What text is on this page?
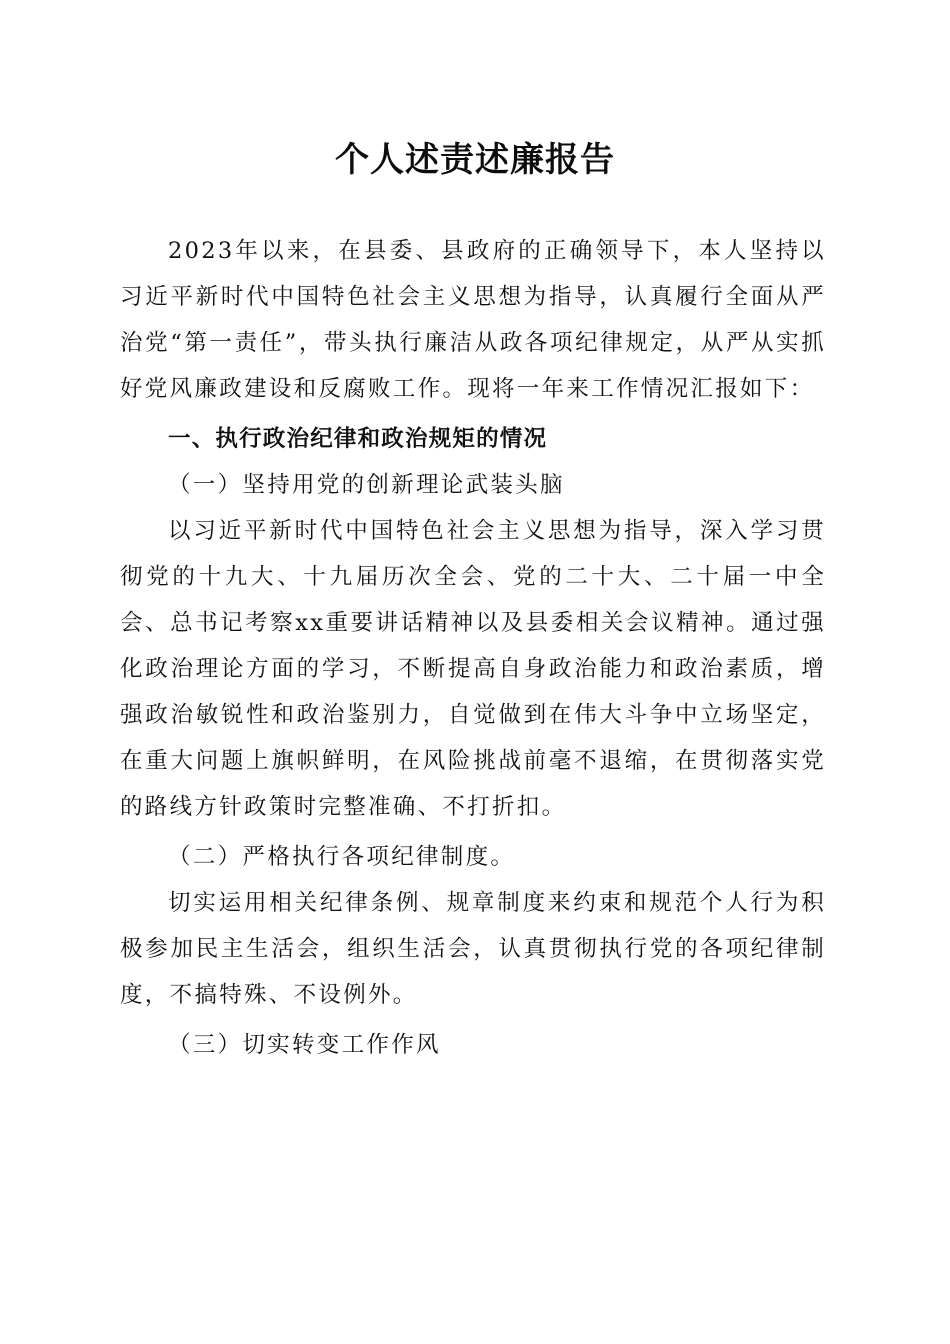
个人述责述廉报告

2023年以来，在县委、县政府的正确领导下，本人坚持以习近平新时代中国特色社会主义思想为指导，认真履行全面从严治党“第一责任”，带头执行廉洁从政各项纪律规定，从严从实抓好党风廉政建设和反腐败工作。现将一年来工作情况汇报如下：

一、执行政治纪律和政治规矩的情况

（一）坚持用党的创新理论武装头脑

以习近平新时代中国特色社会主义思想为指导，深入学习贯彻党的十九大、十九届历次全会、党的二十大、二十届一中全会、总书记考察xx重要讲话精神以及县委相关会议精神。通过强化政治理论方面的学习，不断提高自身政治能力和政治素质，增强政治敏锐性和政治鉴别力，自觉做到在伟大斗争中立场坚定，在重大问题上旗帜鲜明，在风险挑战前毫不退缩，在贯彻落实党的路线方针政策时完整准确、不打折扣。

（二）严格执行各项纪律制度。

切实运用相关纪律条例、规章制度来约束和规范个人行为积极参加民主生活会，组织生活会，认真贯彻执行党的各项纪律制度，不搞特殊、不设例外。

（三）切实转变工作作风
